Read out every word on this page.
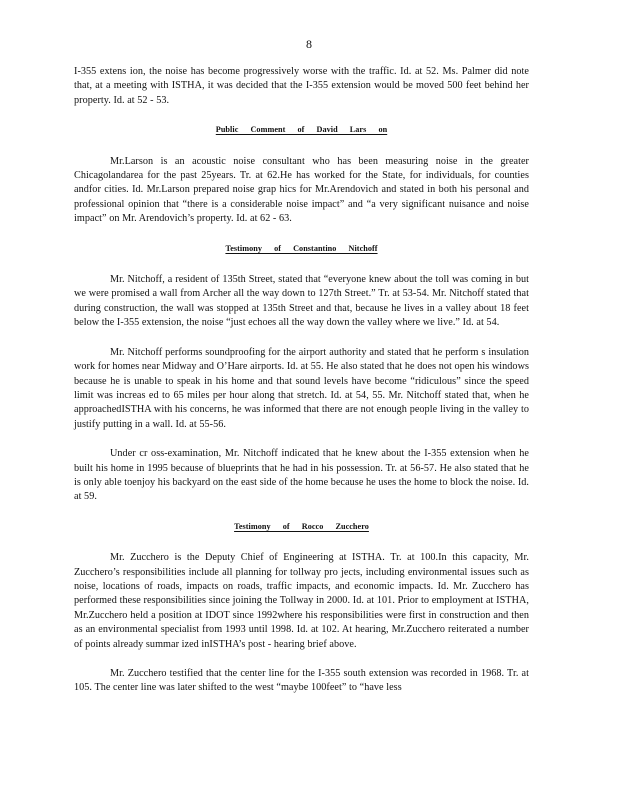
8

I-355 extens ion, the noise has become progressively worse with the traffic. Id. at 52. Ms. Palmer did note that, at a meeting with ISTHA, it was decided that the I-355 extension would be moved 500 feet behind her property. Id. at 52 - 53.

Public Comment of David Lars on

Mr.Larson is an acoustic noise consultant who has been measuring noise in the greater Chicagolandarea for the past 25years. Tr. at 62.He has worked for the State, for individuals, for counties andfor cities. Id. Mr.Larson prepared noise grap hics for Mr.Arendovich and stated in both his personal and professional opinion that “there is a considerable noise impact” and “a very significant nuisance and noise impact” on Mr. Arendovich’s property. Id. at 62 - 63.

Testimony of Constantino Nitchoff

Mr. Nitchoff, a resident of 135th Street, stated that “everyone knew about the toll was coming in but we were promised a wall from Archer all the way down to 127th Street.” Tr. at 53-54. Mr. Nitchoff stated that during construction, the wall was stopped at 135th Street and that, because he lives in a valley about 18 feet below the I-355 extension, the noise “just echoes all the way down the valley where we live.” Id. at 54.

Mr. Nitchoff performs soundproofing for the airport authority and stated that he perform s insulation work for homes near Midway and O’Hare airports. Id. at 55. He also stated that he does not open his windows because he is unable to speak in his home and that sound levels have become “ridiculous” since the speed limit was increas ed to 65 miles per hour along that stretch. Id. at 54, 55. Mr. Nitchoff stated that, when he approachedISTHA with his concerns, he was informed that there are not enough people living in the valley to justify putting in a wall. Id. at 55-56.

Under cr oss-examination, Mr. Nitchoff indicated that he knew about the I-355 extension when he built his home in 1995 because of blueprints that he had in his possession. Tr. at 56-57. He also stated that he is only able toenjoy his backyard on the east side of the home because he uses the home to block the noise. Id. at 59.

Testimony of Rocco Zucchero

Mr. Zucchero is the Deputy Chief of Engineering at ISTHA. Tr. at 100.In this capacity, Mr. Zucchero’s responsibilities include all planning for tollway pro jects, including environmental issues such as noise, locations of roads, impacts on roads, traffic impacts, and economic impacts. Id. Mr. Zucchero has performed these responsibilities since joining the Tollway in 2000. Id. at 101. Prior to employment at ISTHA, Mr.Zucchero held a position at IDOT since 1992where his responsibilities were first in construction and then as an environmental specialist from 1993 until 1998. Id. at 102. At hearing, Mr.Zucchero reiterated a number of points already summar ized inISTHA’s post - hearing brief above.

Mr. Zucchero testified that the center line for the I-355 south extension was recorded in 1968. Tr. at 105. The center line was later shifted to the west “maybe 100feet” to “have less
